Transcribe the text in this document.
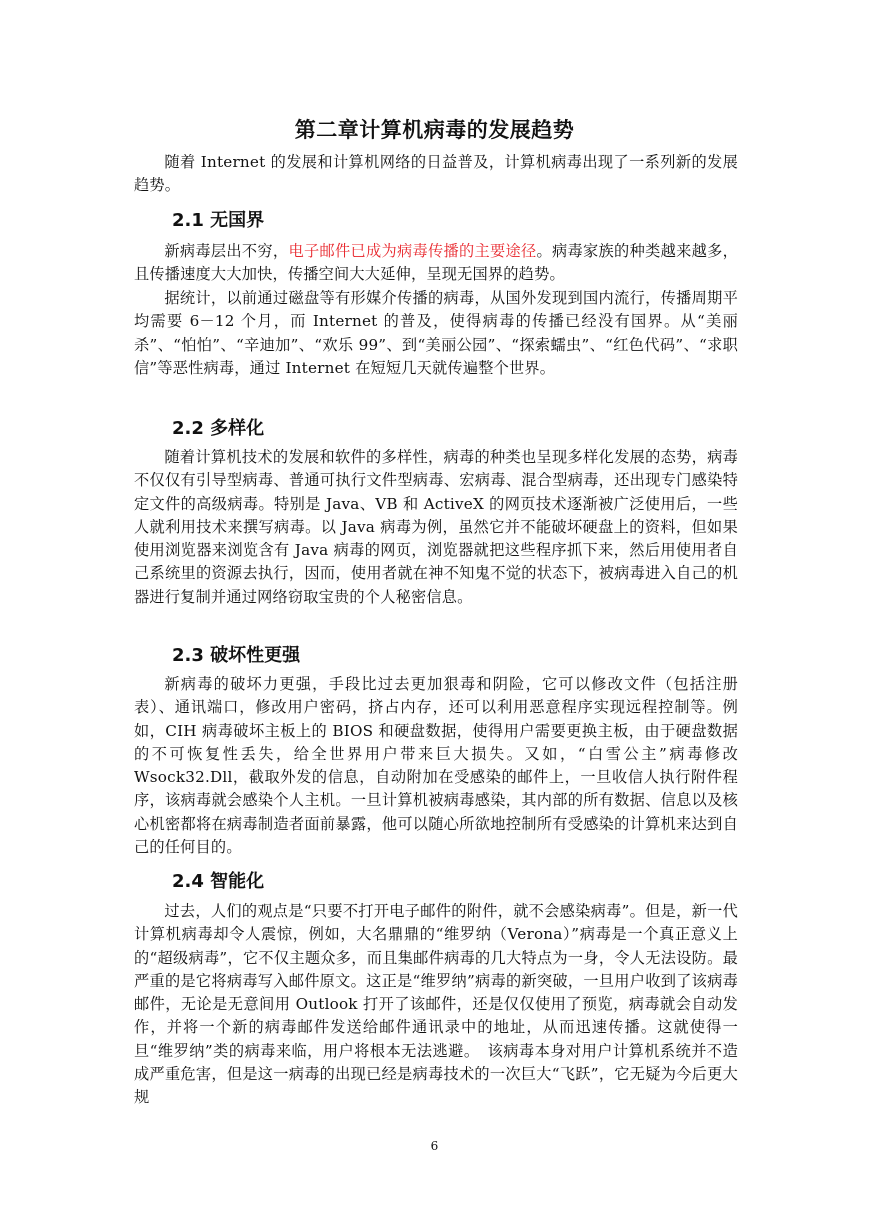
第二章计算机病毒的发展趋势

随着 Internet 的发展和计算机网络的日益普及，计算机病毒出现了一系列新的发展趋势。

2.1 无国界

新病毒层出不穷，电子邮件已成为病毒传播的主要途径。病毒家族的种类越来越多，且传播速度大大加快，传播空间大大延伸，呈现无国界的趋势。

据统计，以前通过磁盘等有形媒介传播的病毒，从国外发现到国内流行，传播周期平均需要 6－12 个月，而 Internet 的普及，使得病毒的传播已经没有国界。从“美丽杀”、“怕怕”、“辛迪加”、“欢乐 99”、到“美丽公园”、“探索蠕虫”、“红色代码”、“求职信”等恶性病毒，通过 Internet 在短短几天就传遍整个世界。

2.2 多样化

随着计算机技术的发展和软件的多样性，病毒的种类也呈现多样化发展的态势，病毒不仅仅有引导型病毒、普通可执行文件型病毒、宏病毒、混合型病毒，还出现专门感染特定文件的高级病毒。特别是 Java、VB 和 ActiveX 的网页技术逐渐被广泛使用后，一些人就利用技术来撰写病毒。以 Java 病毒为例，虽然它并不能破坏硬盘上的资料，但如果使用浏览器来浏览含有 Java 病毒的网页，浏览器就把这些程序抓下来，然后用使用者自己系统里的资源去执行，因而，使用者就在神不知鬼不觉的状态下，被病毒进入自己的机器进行复制并通过网络窃取宝贵的个人秘密信息。

2.3 破坏性更强

新病毒的破坏力更强，手段比过去更加狠毒和阴险，它可以修改文件（包括注册表）、通讯端口，修改用户密码，挤占内存，还可以利用恶意程序实现远程控制等。例如，CIH 病毒破坏主板上的 BIOS 和硬盘数据，使得用户需要更换主板，由于硬盘数据的不可恢复性丢失，给全世界用户带来巨大损失。又如，“白雪公主”病毒修改 Wsock32.Dll，截取外发的信息，自动附加在受感染的邮件上，一旦收信人执行附件程序，该病毒就会感染个人主机。一旦计算机被病毒感染，其内部的所有数据、信息以及核心机密都将在病毒制造者面前暴露，他可以随心所欲地控制所有受感染的计算机来达到自己的任何目的。

2.4 智能化

过去，人们的观点是“只要不打开电子邮件的附件，就不会感染病毒”。但是，新一代计算机病毒却令人震惊，例如，大名鼎鼎的“维罗纳（Verona）”病毒是一个真正意义上的“超级病毒”，它不仅主题众多，而且集邮件病毒的几大特点为一身，令人无法设防。最严重的是它将病毒写入邮件原文。这正是“维罗纳”病毒的新突破，一旦用户收到了该病毒邮件，无论是无意间用 Outlook 打开了该邮件，还是仅仅使用了预览，病毒就会自动发作，并将一个新的病毒邮件发送给邮件通讯录中的地址，从而迅速传播。这就使得一旦“维罗纳”类的病毒来临，用户将根本无法逃避。　该病毒本身对用户计算机系统并不造成严重危害，但是这一病毒的出现已经是病毒技术的一次巨大“飞跃”，它无疑为今后更大规

6
